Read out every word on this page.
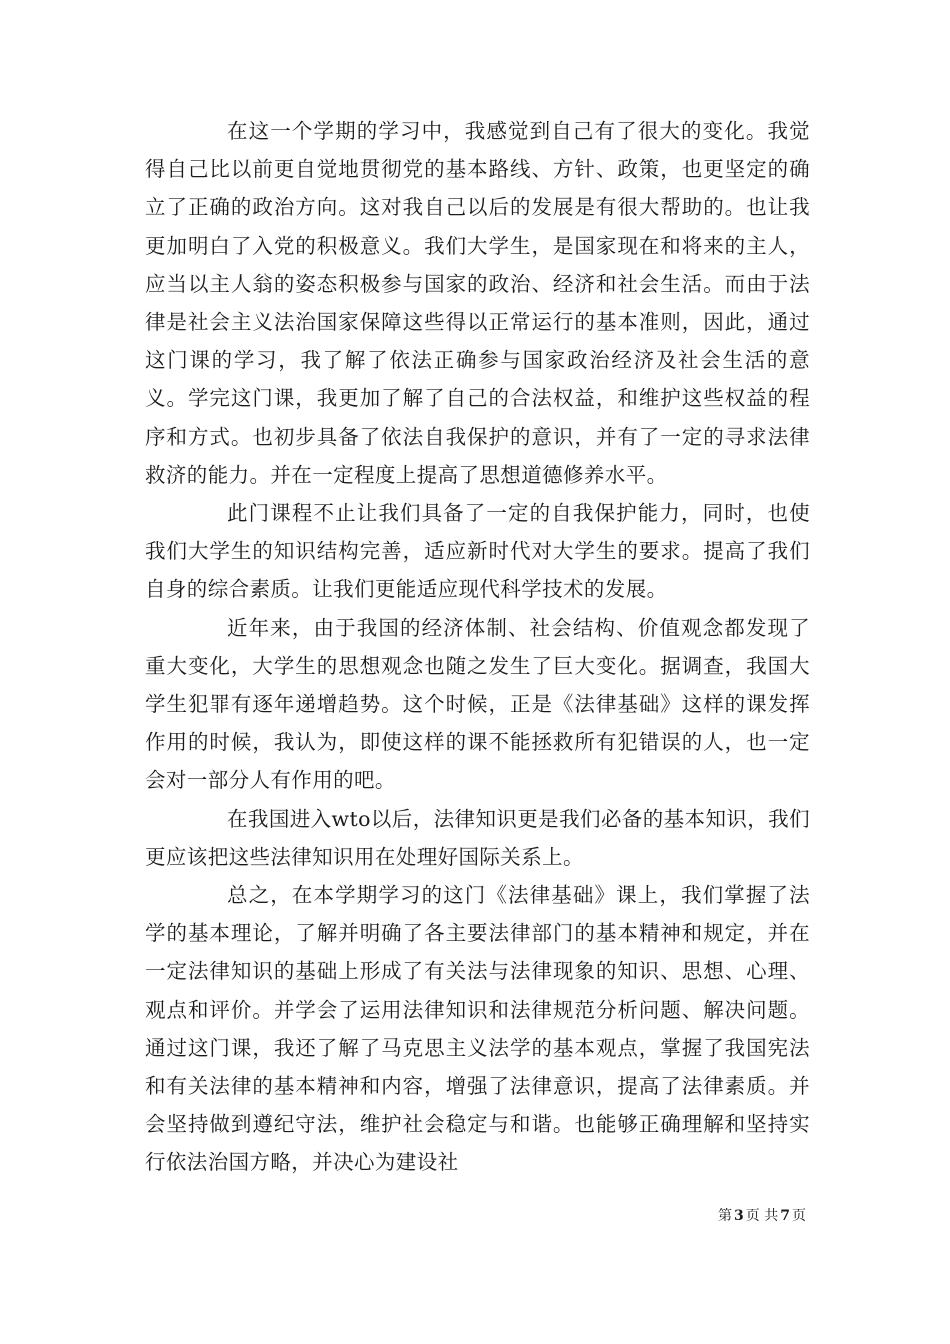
在这一个学期的学习中，我感觉到自己有了很大的变化。我觉得自己比以前更自觉地贯彻党的基本路线、方针、政策，也更坚定的确立了正确的政治方向。这对我自己以后的发展是有很大帮助的。也让我更加明白了入党的积极意义。我们大学生，是国家现在和将来的主人，应当以主人翁的姿态积极参与国家的政治、经济和社会生活。而由于法律是社会主义法治国家保障这些得以正常运行的基本准则，因此，通过这门课的学习，我了解了依法正确参与国家政治经济及社会生活的意义。学完这门课，我更加了解了自己的合法权益，和维护这些权益的程序和方式。也初步具备了依法自我保护的意识，并有了一定的寻求法律救济的能力。并在一定程度上提高了思想道德修养水平。

此门课程不止让我们具备了一定的自我保护能力，同时，也使我们大学生的知识结构完善，适应新时代对大学生的要求。提高了我们自身的综合素质。让我们更能适应现代科学技术的发展。

近年来，由于我国的经济体制、社会结构、价值观念都发现了重大变化，大学生的思想观念也随之发生了巨大变化。据调查，我国大学生犯罪有逐年递增趋势。这个时候，正是《法律基础》这样的课发挥作用的时候，我认为，即使这样的课不能拯救所有犯错误的人，也一定会对一部分人有作用的吧。

在我国进入wto以后，法律知识更是我们必备的基本知识，我们更应该把这些法律知识用在处理好国际关系上。

总之，在本学期学习的这门《法律基础》课上，我们掌握了法学的基本理论，了解并明确了各主要法律部门的基本精神和规定，并在一定法律知识的基础上形成了有关法与法律现象的知识、思想、心理、观点和评价。并学会了运用法律知识和法律规范分析问题、解决问题。通过这门课，我还了解了马克思主义法学的基本观点，掌握了我国宪法和有关法律的基本精神和内容，增强了法律意识，提高了法律素质。并会坚持做到遵纪守法，维护社会稳定与和谐。也能够正确理解和坚持实行依法治国方略，并决心为建设社

第 3 页 共 7 页
